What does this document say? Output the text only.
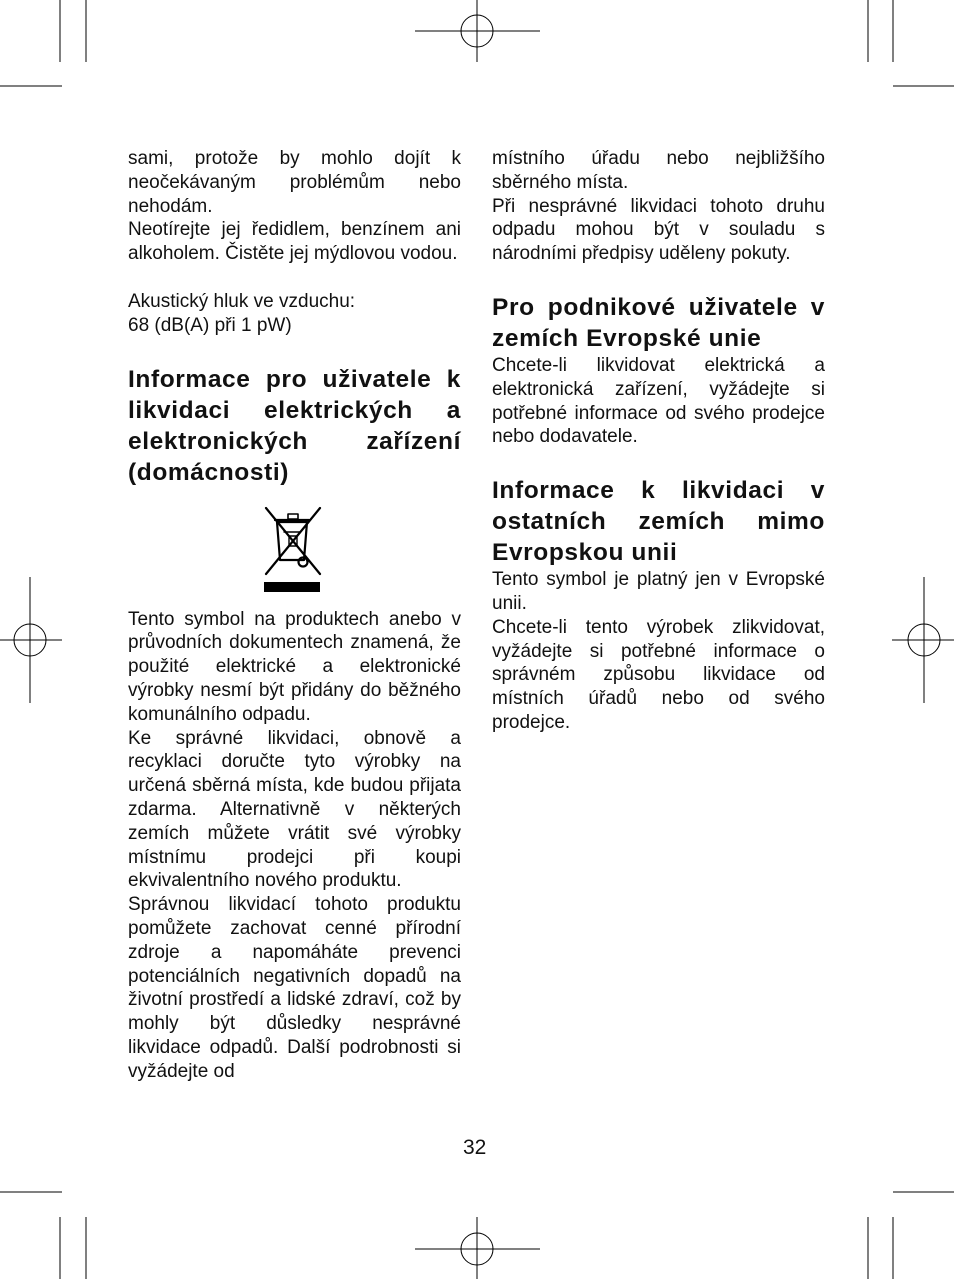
sami, protože by mohlo dojít k neočekávaným problémům nebo nehodám.

Neotírejte jej ředidlem, benzínem ani alkoholem. Čistěte jej mýdlovou vodou.

Akustický hluk ve vzduchu:

68 (dB(A) při 1 pW)

Informace pro uživatele k likvidaci elektrických a elektronických zařízení (domácnosti)

Tento symbol na produktech anebo v průvodních dokumentech znamená, že použité elektrické a elektronické výrobky nesmí být přidány do běžného komunálního odpadu.

Ke správné likvidaci, obnově a recyklaci doručte tyto výrobky na určená sběrná místa, kde budou přijata zdarma. Alternativně v některých zemích můžete vrátit své výrobky místnímu prodejci při koupi ekvivalentního nového produktu.

Správnou likvidací tohoto produktu pomůžete zachovat cenné přírodní zdroje a napomáháte prevenci potenciálních negativních dopadů na životní prostředí a lidské zdraví, což by mohly být důsledky nesprávné likvidace odpadů. Další podrobnosti si vyžádejte od

místního úřadu nebo nejbližšího sběrného místa.

Při nesprávné likvidaci tohoto druhu odpadu mohou být v souladu s národními předpisy uděleny pokuty.

Pro podnikové uživatele v zemích Evropské unie

Chcete-li likvidovat elektrická a elektronická zařízení, vyžádejte si potřebné informace od svého prodejce nebo dodavatele.

Informace k likvidaci v ostatních zemích mimo Evropskou unii

Tento symbol je platný jen v Evropské unii.

Chcete-li tento výrobek zlikvidovat, vyžádejte si potřebné informace o správném způsobu likvidace od místních úřadů nebo od svého prodejce.

32
